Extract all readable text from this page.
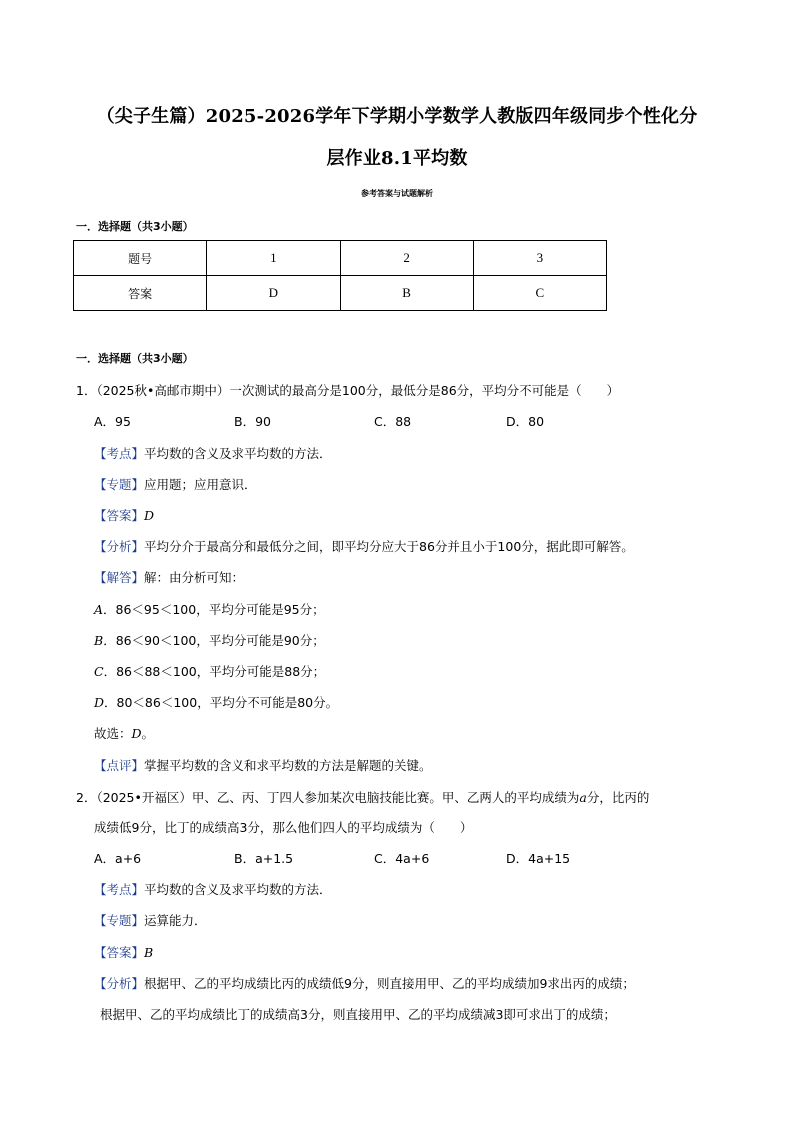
（尖子生篇）2025-2026学年下学期小学数学人教版四年级同步个性化分
层作业8.1平均数
参考答案与试题解析
一．选择题（共3小题）
题号	1	2	3
答案	D	B	C
一．选择题（共3小题）
1．（2025秋•高邮市期中）一次测试的最高分是100分，最低分是86分，平均分不可能是（　　）
A．95	B．90	C．88	D．80
【考点】平均数的含义及求平均数的方法．
【专题】应用题；应用意识．
【答案】D
【分析】平均分介于最高分和最低分之间，即平均分应大于86分并且小于100分，据此即可解答。
【解答】解：由分析可知：
A．86＜95＜100，平均分可能是95分；
B．86＜90＜100，平均分可能是90分；
C．86＜88＜100，平均分可能是88分；
D．80＜86＜100，平均分不可能是80分。
故选：D。
【点评】掌握平均数的含义和求平均数的方法是解题的关键。
2．（2025•开福区）甲、乙、丙、丁四人参加某次电脑技能比赛。甲、乙两人的平均成绩为a分，比丙的
成绩低9分，比丁的成绩高3分，那么他们四人的平均成绩为（　　）
A．a+6	B．a+1.5	C．4a+6	D．4a+15
【考点】平均数的含义及求平均数的方法．
【专题】运算能力．
【答案】B
【分析】根据甲、乙的平均成绩比丙的成绩低9分，则直接用甲、乙的平均成绩加9求出丙的成绩；
根据甲、乙的平均成绩比丁的成绩高3分，则直接用甲、乙的平均成绩减3即可求出丁的成绩；
